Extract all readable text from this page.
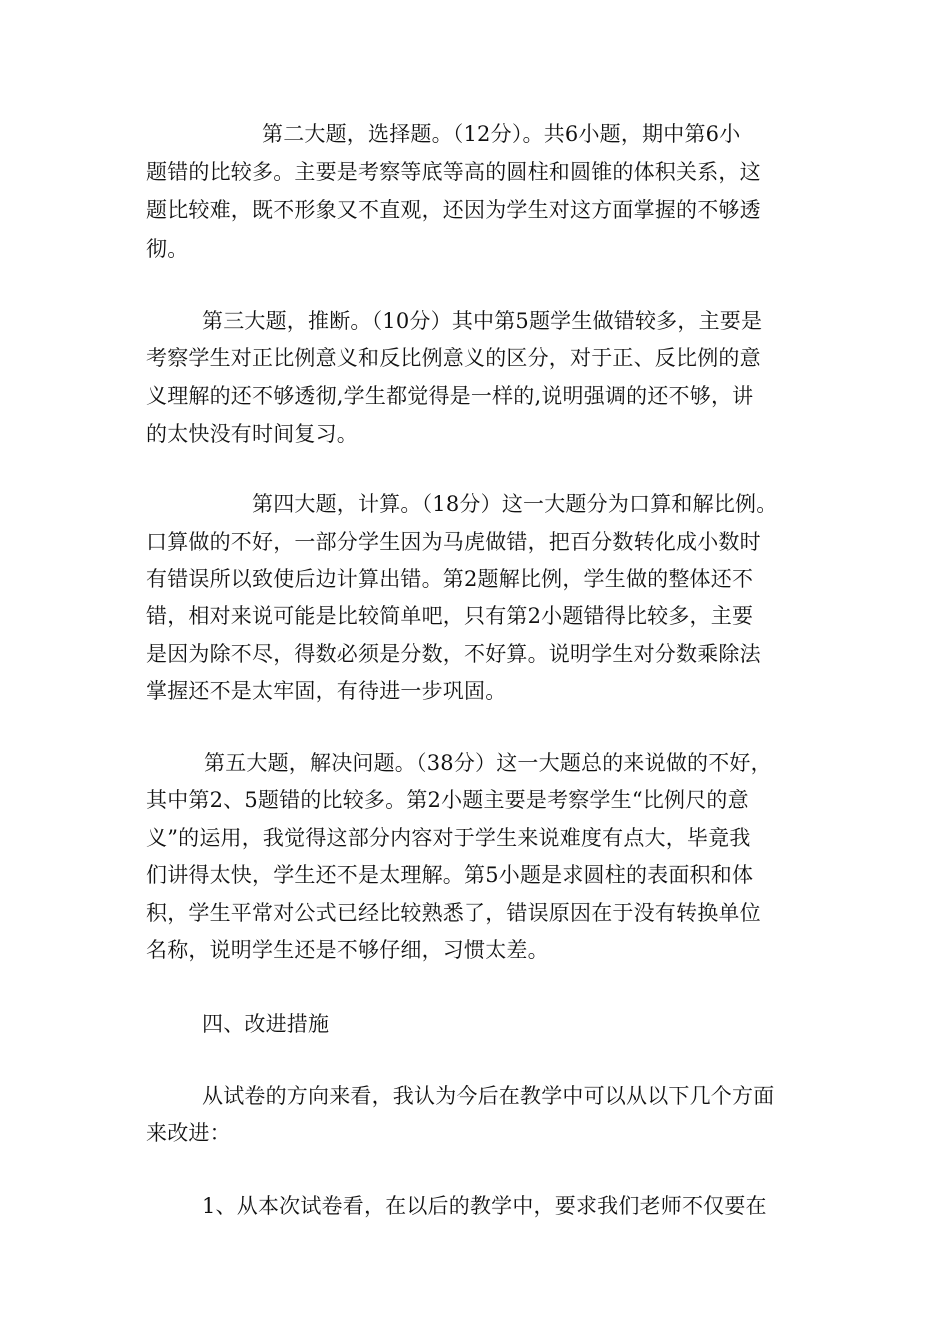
第二大题，选择题。（12分）。共6小题，期中第6小
题错的比较多。主要是考察等底等高的圆柱和圆锥的体积关系，这
题比较难，既不形象又不直观，还因为学生对这方面掌握的不够透
彻。
第三大题，推断。（10分）其中第5题学生做错较多，主要是
考察学生对正比例意义和反比例意义的区分，对于正、反比例的意
义理解的还不够透彻,学生都觉得是一样的,说明强调的还不够，讲
的太快没有时间复习。
第四大题，计算。（18分）这一大题分为口算和解比例。
口算做的不好，一部分学生因为马虎做错，把百分数转化成小数时
有错误所以致使后边计算出错。第2题解比例，学生做的整体还不
错，相对来说可能是比较简单吧，只有第2小题错得比较多，主要
是因为除不尽，得数必须是分数，不好算。说明学生对分数乘除法
掌握还不是太牢固，有待进一步巩固。
第五大题，解决问题。（38分）这一大题总的来说做的不好，
其中第2、5题错的比较多。第2小题主要是考察学生“比例尺的意
义”的运用，我觉得这部分内容对于学生来说难度有点大，毕竟我
们讲得太快，学生还不是太理解。第5小题是求圆柱的表面积和体
积，学生平常对公式已经比较熟悉了，错误原因在于没有转换单位
名称，说明学生还是不够仔细，习惯太差。
四、改进措施
从试卷的方向来看，我认为今后在教学中可以从以下几个方面
来改进：
1、从本次试卷看，在以后的教学中，要求我们老师不仅要在
